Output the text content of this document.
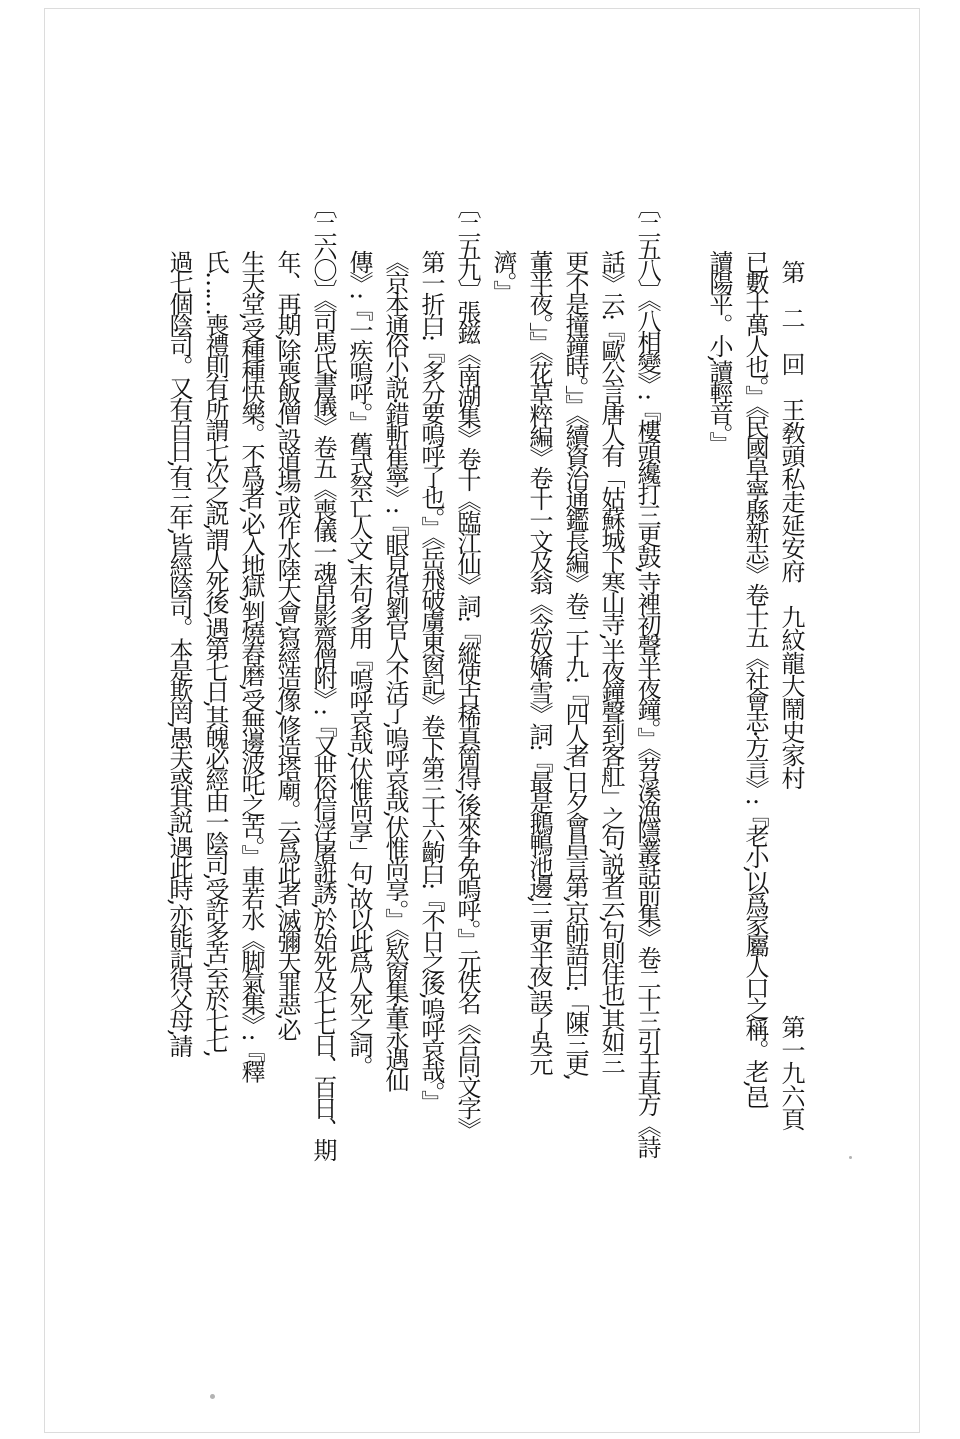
第　二　回　王敎頭私走延安府　九紋龍大鬧史家村
第一九六頁
已數十萬人也。』《民國阜寧縣新志》卷十五《社會志·方言》:『老小,以爲家屬人口之稱。老,邑
讀陽平。小,讀輕音。』
〔二五八〕《八相變》:『樓頭纔打三更鼓,寺裡初聲半夜鐘。』《苕溪漁隱叢話前集》卷二十三引王直方《詩
話》云:『歐公言唐人有「姑蘇城下寒山寺,半夜鐘聲到客舡」之句,説者云,句則佳也,其如三
更不是撞鐘時。」』《續資治通鑑長編》卷二十九:『四人者,日夕會昌言第,京師語曰:「陳三更,
董半夜。」』《花草粹編》卷十一文及翁《念奴嬌·雪》詞:『最是鵝鴨池邊,三更半夜,誤了吳元
濟。』
〔二五九〕張鎡《南湖集》卷十《臨江仙》詞:『縱使古稀真箇得,後來争免嗚呼。』元佚名《合同文字》
第一折白:『多分要嗚呼了也。』《岳飛破虜東窗記》卷下第三十六齣白:『不日之後,嗚呼哀哉。』
《京本通俗小説·錯斬崔寧》:『眼見得劉官人不活了,嗚呼哀哉,伏惟尚享。』《欵窗集·董永遇仙
傳》:『一疾嗚呼。』舊式祭亡人文,末句多用『嗚呼哀哉,伏惟尚享」句,故以此爲人死之詞。
〔二六〇〕《司馬氏書儀》卷五《喪儀一魂帛影齋僧附》:『又世俗信浮屠誑誘,於始死及七七日、百日、期
年、再期,除喪飯僧,設道場,或作水陸大會,寫經造像,修造塔廟。云爲此者,滅彌天罪惡,必
生天堂,受種種快樂。不爲者,必入地獄,剉燒舂磨,受無邊波吒之苦。』車若水《脚氣集》:『釋
氏……喪禮則有所謂七次之説,謂人死後,遇第七日,其魄必經由一陰司,受許多苦,至於七七,
過七個陰司。又有百日,有三年,皆經陰司。本是欺罔,愚夫惑其説,遇此時,亦能記得父母,請
